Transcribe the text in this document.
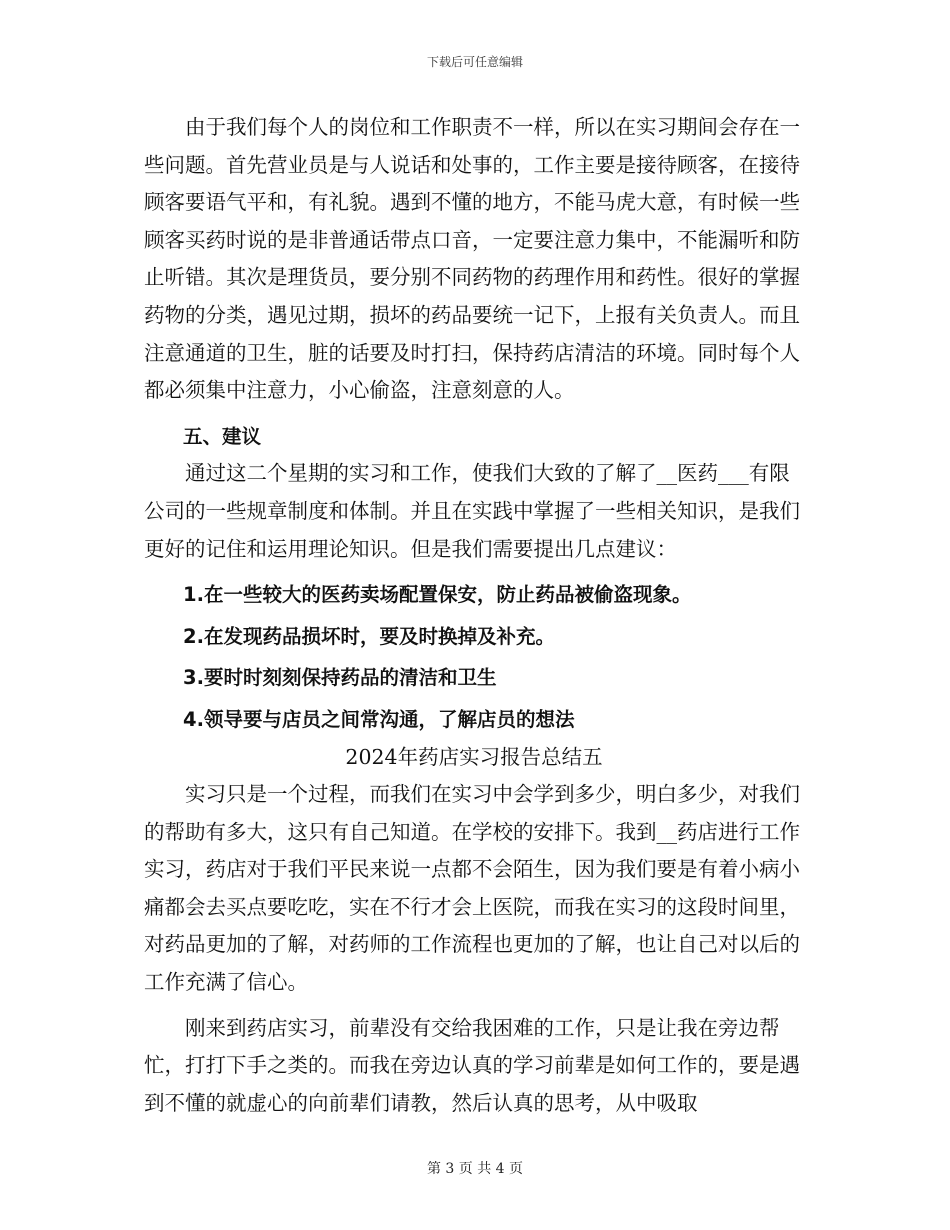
下载后可任意编辑

由于我们每个人的岗位和工作职责不一样，所以在实习期间会存在一些问题。首先营业员是与人说话和处事的，工作主要是接待顾客，在接待顾客要语气平和，有礼貌。遇到不懂的地方，不能马虎大意，有时候一些顾客买药时说的是非普通话带点口音，一定要注意力集中，不能漏听和防止听错。其次是理货员，要分别不同药物的药理作用和药性。很好的掌握药物的分类，遇见过期，损坏的药品要统一记下，上报有关负责人。而且注意通道的卫生，脏的话要及时打扫，保持药店清洁的环境。同时每个人都必须集中注意力，小心偷盗，注意刻意的人。

五、建议

通过这二个星期的实习和工作，使我们大致的了解了__医药___有限公司的一些规章制度和体制。并且在实践中掌握了一些相关知识，是我们更好的记住和运用理论知识。但是我们需要提出几点建议：

1.在一些较大的医药卖场配置保安，防止药品被偷盗现象。

2.在发现药品损坏时，要及时换掉及补充。

3.要时时刻刻保持药品的清洁和卫生

4.领导要与店员之间常沟通，了解店员的想法

2024年药店实习报告总结五

实习只是一个过程，而我们在实习中会学到多少，明白多少，对我们的帮助有多大，这只有自己知道。在学校的安排下。我到__药店进行工作实习，药店对于我们平民来说一点都不会陌生，因为我们要是有着小病小痛都会去买点要吃吃，实在不行才会上医院，而我在实习的这段时间里，对药品更加的了解，对药师的工作流程也更加的了解，也让自己对以后的工作充满了信心。

刚来到药店实习，前辈没有交给我困难的工作，只是让我在旁边帮忙，打打下手之类的。而我在旁边认真的学习前辈是如何工作的，要是遇到不懂的就虚心的向前辈们请教，然后认真的思考，从中吸取

第 3 页 共 4 页
